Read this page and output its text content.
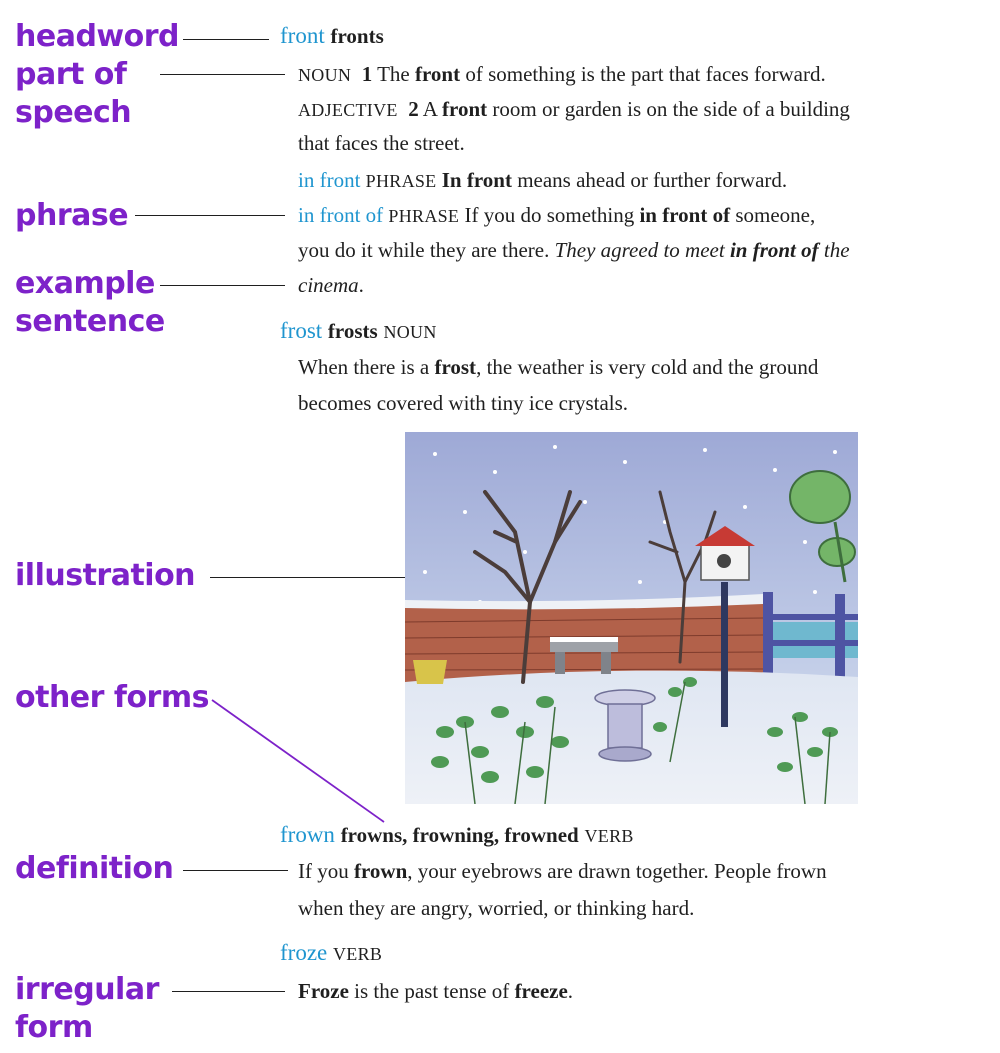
headword
part of
speech
phrase
example
sentence
illustration
other forms
definition
irregular
form
front fronts
NOUN 1 The front of something is the part that faces forward.
ADJECTIVE 2 A front room or garden is on the side of a building
that faces the street.
in front PHRASE In front means ahead or further forward.
in front of PHRASE If you do something in front of someone,
you do it while they are there. They agreed to meet in front of the
cinema.
frost frosts NOUN
When there is a frost, the weather is very cold and the ground
becomes covered with tiny ice crystals.
frown frowns, frowning, frowned VERB
If you frown, your eyebrows are drawn together. People frown
when they are angry, worried, or thinking hard.
froze VERB
Froze is the past tense of freeze.
